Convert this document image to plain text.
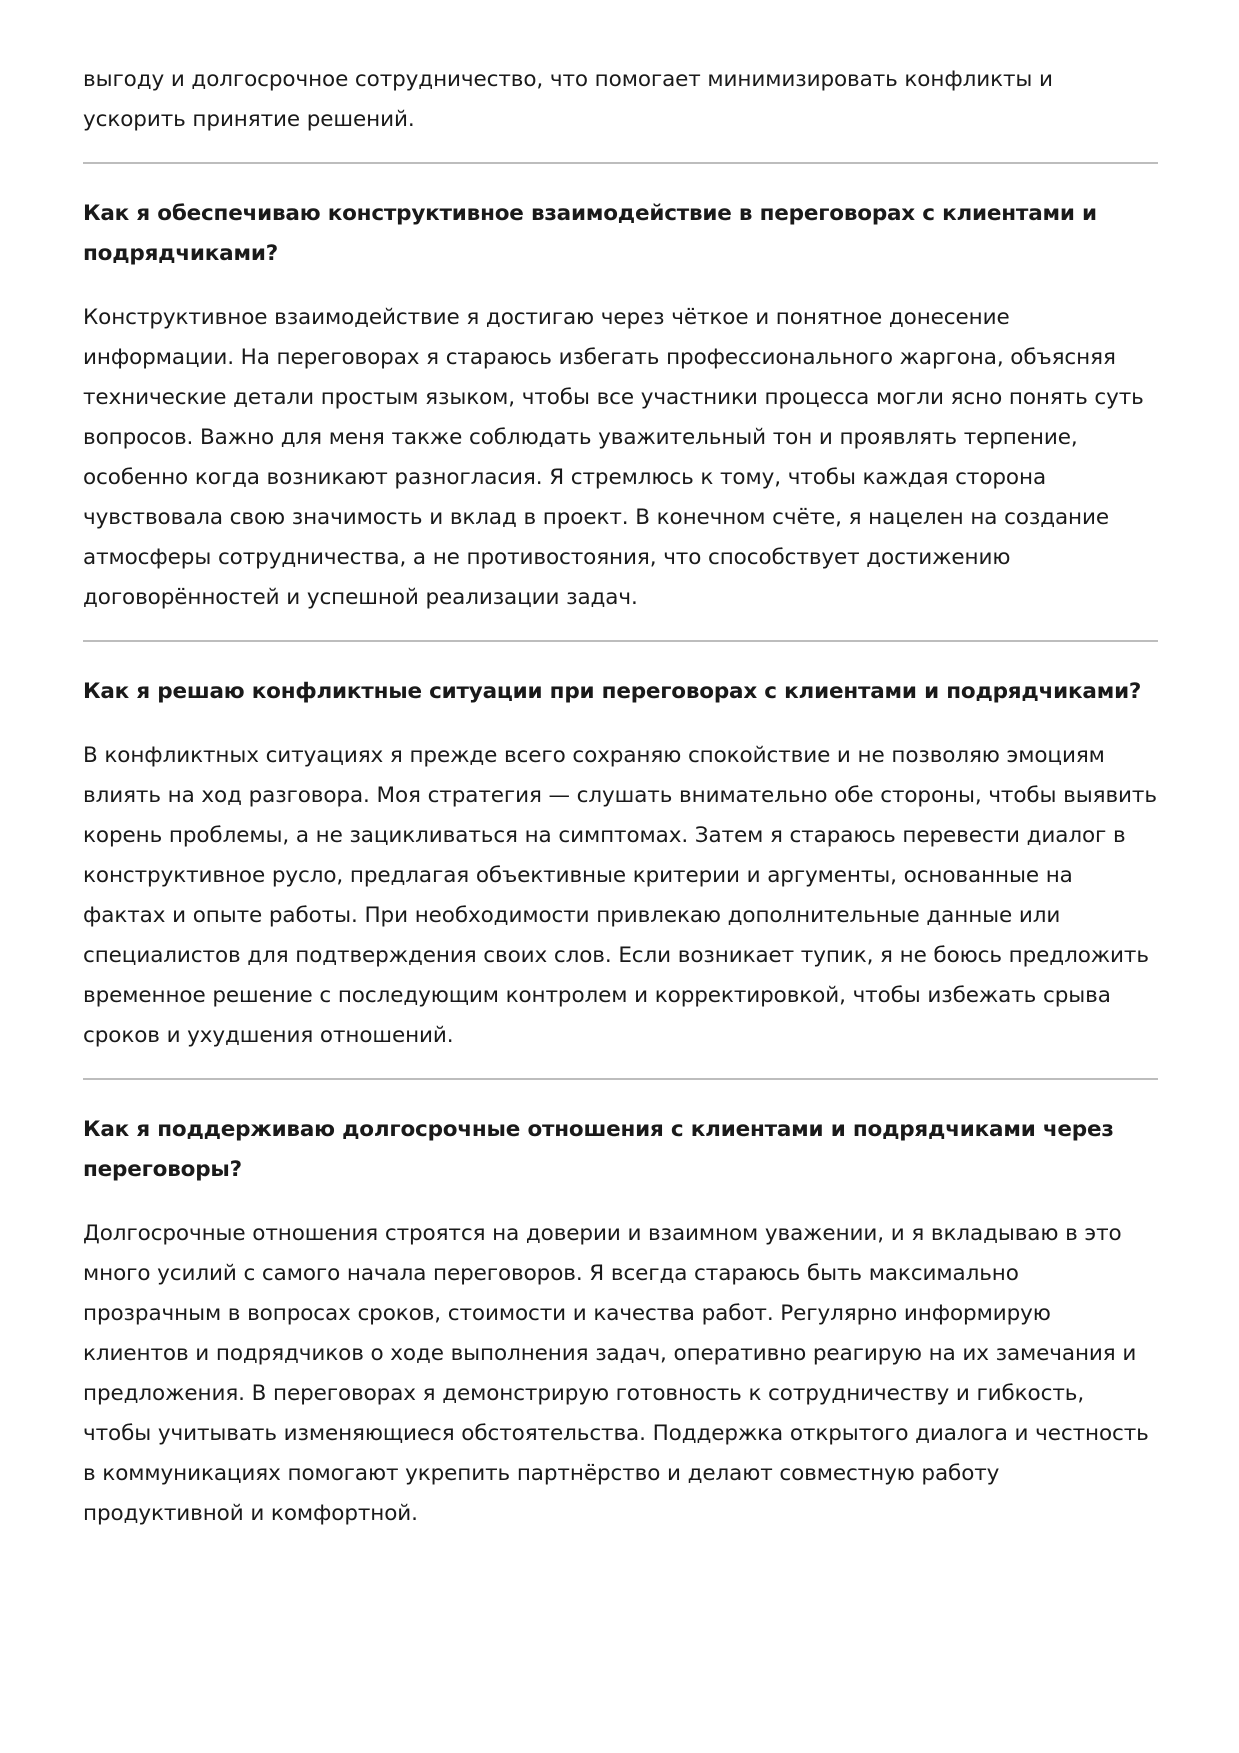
выгоду и долгосрочное сотрудничество, что помогает минимизировать конфликты и ускорить принятие решений.

Как я обеспечиваю конструктивное взаимодействие в переговорах с клиентами и подрядчиками?

Конструктивное взаимодействие я достигаю через чёткое и понятное донесение информации. На переговорах я стараюсь избегать профессионального жаргона, объясняя технические детали простым языком, чтобы все участники процесса могли ясно понять суть вопросов. Важно для меня также соблюдать уважительный тон и проявлять терпение, особенно когда возникают разногласия. Я стремлюсь к тому, чтобы каждая сторона чувствовала свою значимость и вклад в проект. В конечном счёте, я нацелен на создание атмосферы сотрудничества, а не противостояния, что способствует достижению договорённостей и успешной реализации задач.

Как я решаю конфликтные ситуации при переговорах с клиентами и подрядчиками?

В конфликтных ситуациях я прежде всего сохраняю спокойствие и не позволяю эмоциям влиять на ход разговора. Моя стратегия — слушать внимательно обе стороны, чтобы выявить корень проблемы, а не зацикливаться на симптомах. Затем я стараюсь перевести диалог в конструктивное русло, предлагая объективные критерии и аргументы, основанные на фактах и опыте работы. При необходимости привлекаю дополнительные данные или специалистов для подтверждения своих слов. Если возникает тупик, я не боюсь предложить временное решение с последующим контролем и корректировкой, чтобы избежать срыва сроков и ухудшения отношений.

Как я поддерживаю долгосрочные отношения с клиентами и подрядчиками через переговоры?

Долгосрочные отношения строятся на доверии и взаимном уважении, и я вкладываю в это много усилий с самого начала переговоров. Я всегда стараюсь быть максимально прозрачным в вопросах сроков, стоимости и качества работ. Регулярно информирую клиентов и подрядчиков о ходе выполнения задач, оперативно реагирую на их замечания и предложения. В переговорах я демонстрирую готовность к сотрудничеству и гибкость, чтобы учитывать изменяющиеся обстоятельства. Поддержка открытого диалога и честность в коммуникациях помогают укрепить партнёрство и делают совместную работу продуктивной и комфортной.
